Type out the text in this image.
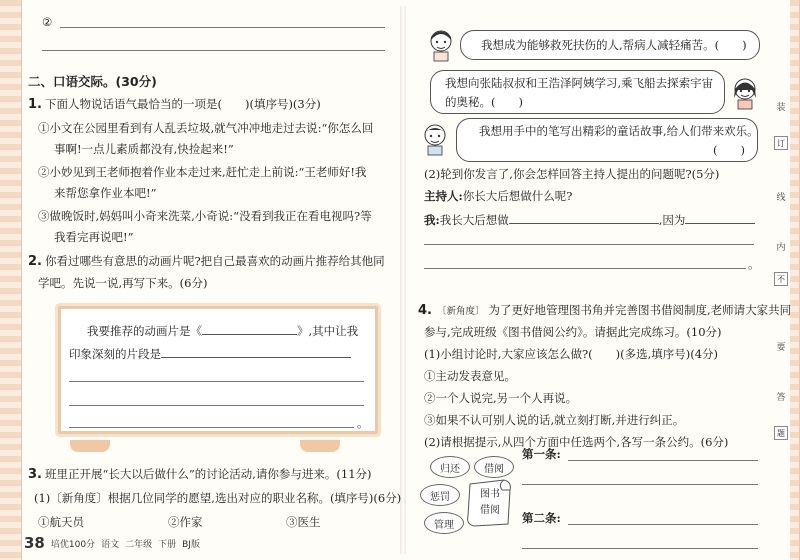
②
二、口语交际。(30分)
1. 下面人物说话语气最恰当的一项是(　　)(填序号)(3分)
①小文在公园里看到有人乱丢垃圾,就气冲冲地走过去说:“你怎么回
事啊!一点儿素质都没有,快捡起来!”
②小妙见到王老师抱着作业本走过来,赶忙走上前说:“王老师好!我
来帮您拿作业本吧!”
③做晚饭时,妈妈叫小奇来洗菜,小奇说:“没看到我正在看电视吗?等
我看完再说吧!”
2. 你看过哪些有意思的动画片呢?把自己最喜欢的动画片推荐给其他同
学吧。先说一说,再写下来。(6分)
我要推荐的动画片是《	》,其中让我
印象深刻的片段是
。
3. 班里正开展“长大以后做什么”的讨论活动,请你参与进来。(11分)
(1)〔新角度〕根据几位同学的愿望,选出对应的职业名称。(填序号)(6分)
①航天员	②作家	③医生
38 培优100分 语文 二年级 下册 BJ版
我想成为能够救死扶伤的人,帮病人减轻痛苦。(　　)
我想向张陆叔叔和王浩泽阿姨学习,乘飞船去探索宇宙
的奥秘。(　　)
我想用手中的笔写出精彩的童话故事,给人们带来欢乐。
(　　)
(2)轮到你发言了,你会怎样回答主持人提出的问题呢?(5分)
主持人: 你长大后想做什么呢?
我: 我长大后想做	,因为
。
4. 〔新角度〕 为了更好地管理图书角并完善图书借阅制度,老师请大家共同
参与,完成班级《图书借阅公约》。请据此完成练习。(10分)
(1)小组讨论时,大家应该怎么做?(　　)(多选,填序号)(4分)
①主动发表意见。
②一个人说完,另一个人再说。
③如果不认可别人说的话,就立刻打断,并进行纠正。
(2)请根据提示,从四个方面中任选两个,各写一条公约。(6分)
归还	借阅
惩罚
管理
图书
借阅
第一条:
第二条:
装
订
线
内
不
要
答
题
